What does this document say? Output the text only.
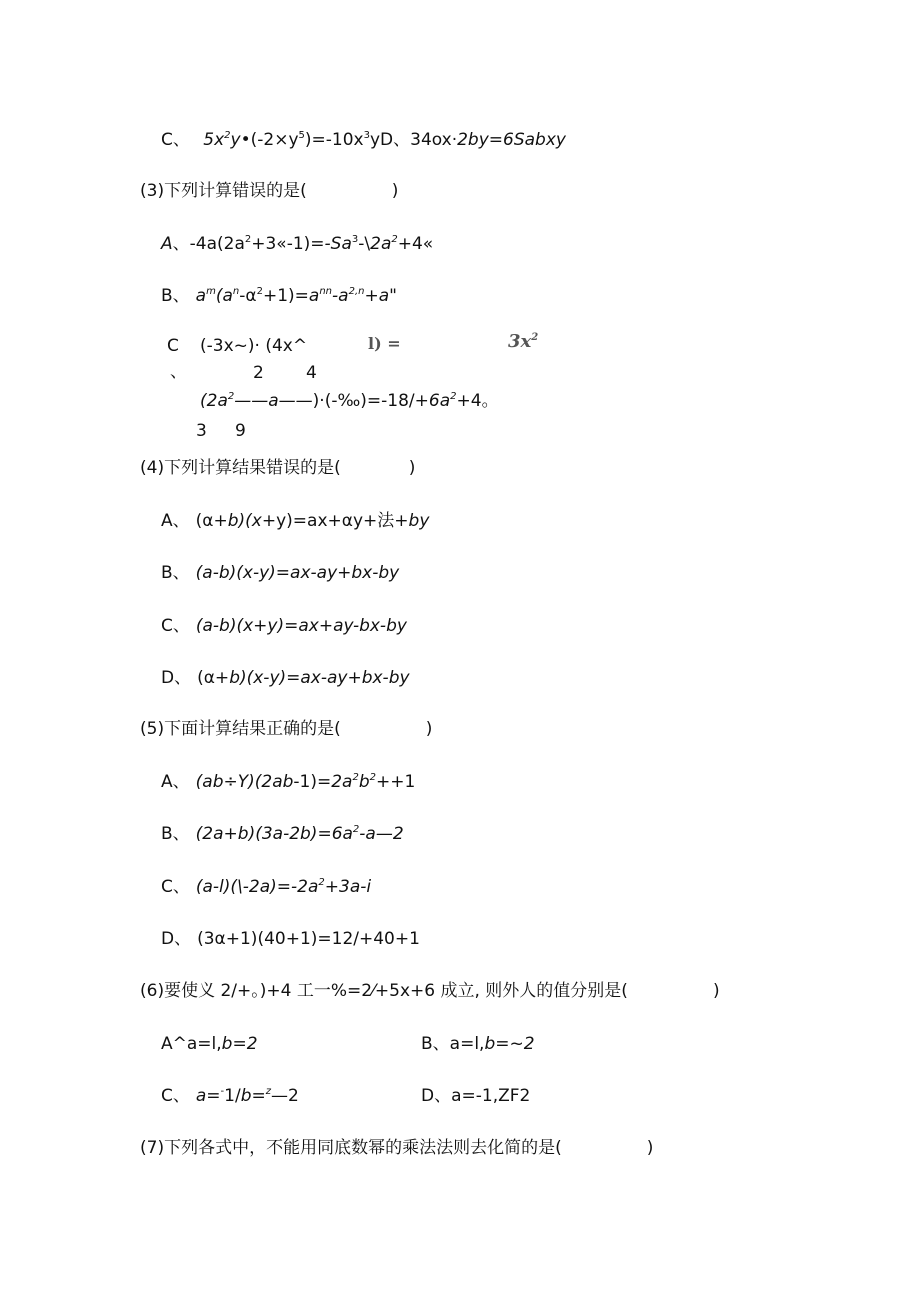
C、 $5x^2y•(-2\times y^5)=-10x^3yD$、34ox·2by=6Sabxy
(3)下列计算错误的是(　　　　　)
A、$-4a(2a^2+3«-1)=-Sa^3-\backslash 2a^2+4«$
B、 $a^m(a^n-\alpha^2+1)=a^{nn}-a^{2,n}+a$"
C (-3x~)· (4x^	l) =	$3x^2$
、	2 4
$(2a^2——a——)\cdot(-‰)=-18/+6a^2+4$。
3 9
(4)下列计算结果错误的是(　　　　)
A、 (α+b)(x+y)=ax+αy+法+by
B、 (a-b)(x-y)=ax-ay+bx-by
C、 (a-b)(x+y)=ax+ay-bx-by
D、 (α+b)(x-y)=ax-ay+bx-by
(5)下面计算结果正确的是(　　　　　)
A、 $(ab\div Y)(2ab-1)=2a^2b^2++1$
B、 $(2a+b)(3a-2b)=6a^2-a—2$
C、 $(a-l)(\backslash-2a)=-2a^2+3a-i$
D、 (3α+1)(40+1)=12/+40+1
(6)要使义 2/+。)+4 工一%=2⁄+5x+6 成立, 则外人的值分别是(　　　　　)
A^a=l,b=2	B、a=l,b=~2
C、 a=-1/b=$^z$—2	D、a=-1,ZF2
(7)下列各式中，不能用同底数幂的乘法法则去化简的是(　　　　　)
